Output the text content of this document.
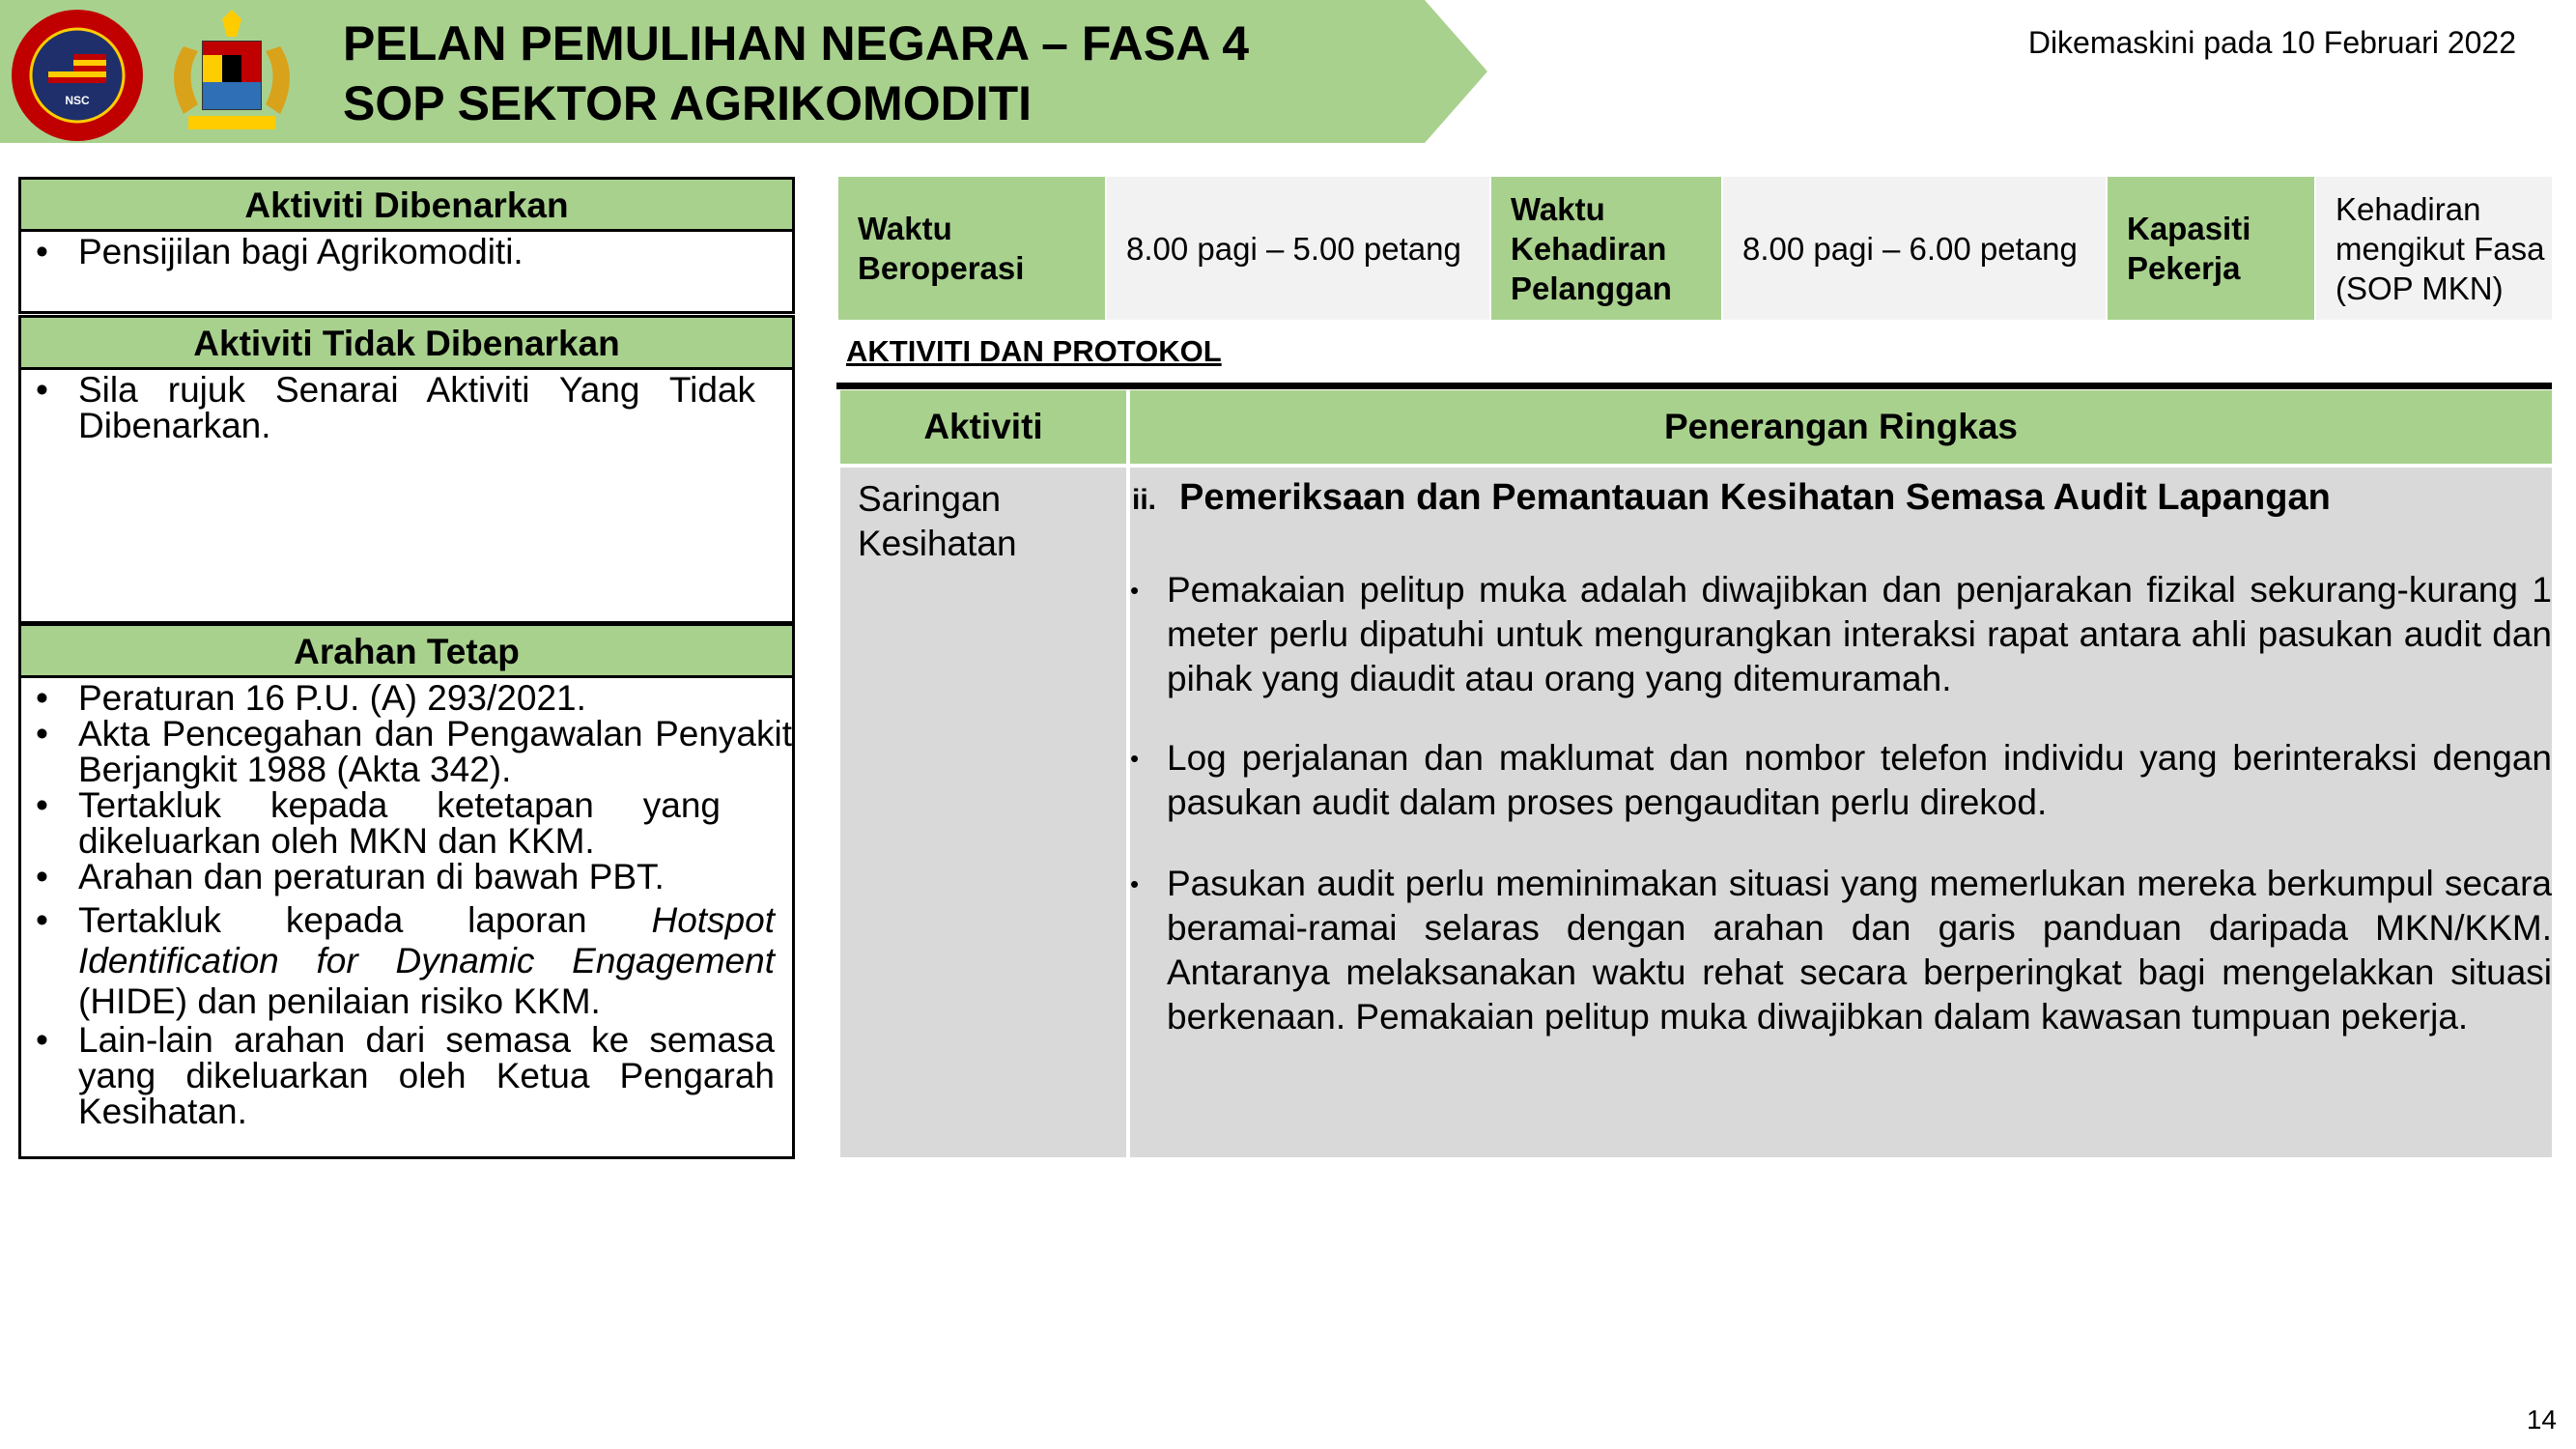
NSC
PELAN PEMULIHAN NEGARA – FASA 4
SOP SEKTOR AGRIKOMODITI
Dikemaskini pada 10 Februari 2022
Aktiviti Dibenarkan
• Pensijilan bagi Agrikomoditi.
Aktiviti Tidak Dibenarkan
• Sila rujuk Senarai Aktiviti Yang Tidak Dibenarkan.
Arahan Tetap
• Peraturan 16 P.U. (A) 293/2021.
• Akta Pencegahan dan Pengawalan Penyakit Berjangkit 1988 (Akta 342).
• Tertakluk kepada ketetapan yang dikeluarkan oleh MKN dan KKM.
• Arahan dan peraturan di bawah PBT.
• Tertakluk kepada laporan Hotspot Identification for Dynamic Engagement (HIDE) dan penilaian risiko KKM.
• Lain-lain arahan dari semasa ke semasa yang dikeluarkan oleh Ketua Pengarah Kesihatan.
Waktu Beroperasi
8.00 pagi – 5.00 petang
Waktu Kehadiran Pelanggan
8.00 pagi – 6.00 petang
Kapasiti Pekerja
Kehadiran mengikut Fasa (SOP MKN)
AKTIVITI DAN PROTOKOL
Aktiviti	Penerangan Ringkas
Saringan Kesihatan
ii. Pemeriksaan dan Pemantauan Kesihatan Semasa Audit Lapangan
• Pemakaian pelitup muka adalah diwajibkan dan penjarakan fizikal sekurang-kurang 1 meter perlu dipatuhi untuk mengurangkan interaksi rapat antara ahli pasukan audit dan pihak yang diaudit atau orang yang ditemuramah.
• Log perjalanan dan maklumat dan nombor telefon individu yang berinteraksi dengan pasukan audit dalam proses pengauditan perlu direkod.
• Pasukan audit perlu meminimakan situasi yang memerlukan mereka berkumpul secara beramai-ramai selaras dengan arahan dan garis panduan daripada MKN/KKM. Antaranya melaksanakan waktu rehat secara berperingkat bagi mengelakkan situasi berkenaan. Pemakaian pelitup muka diwajibkan dalam kawasan tumpuan pekerja.
14
